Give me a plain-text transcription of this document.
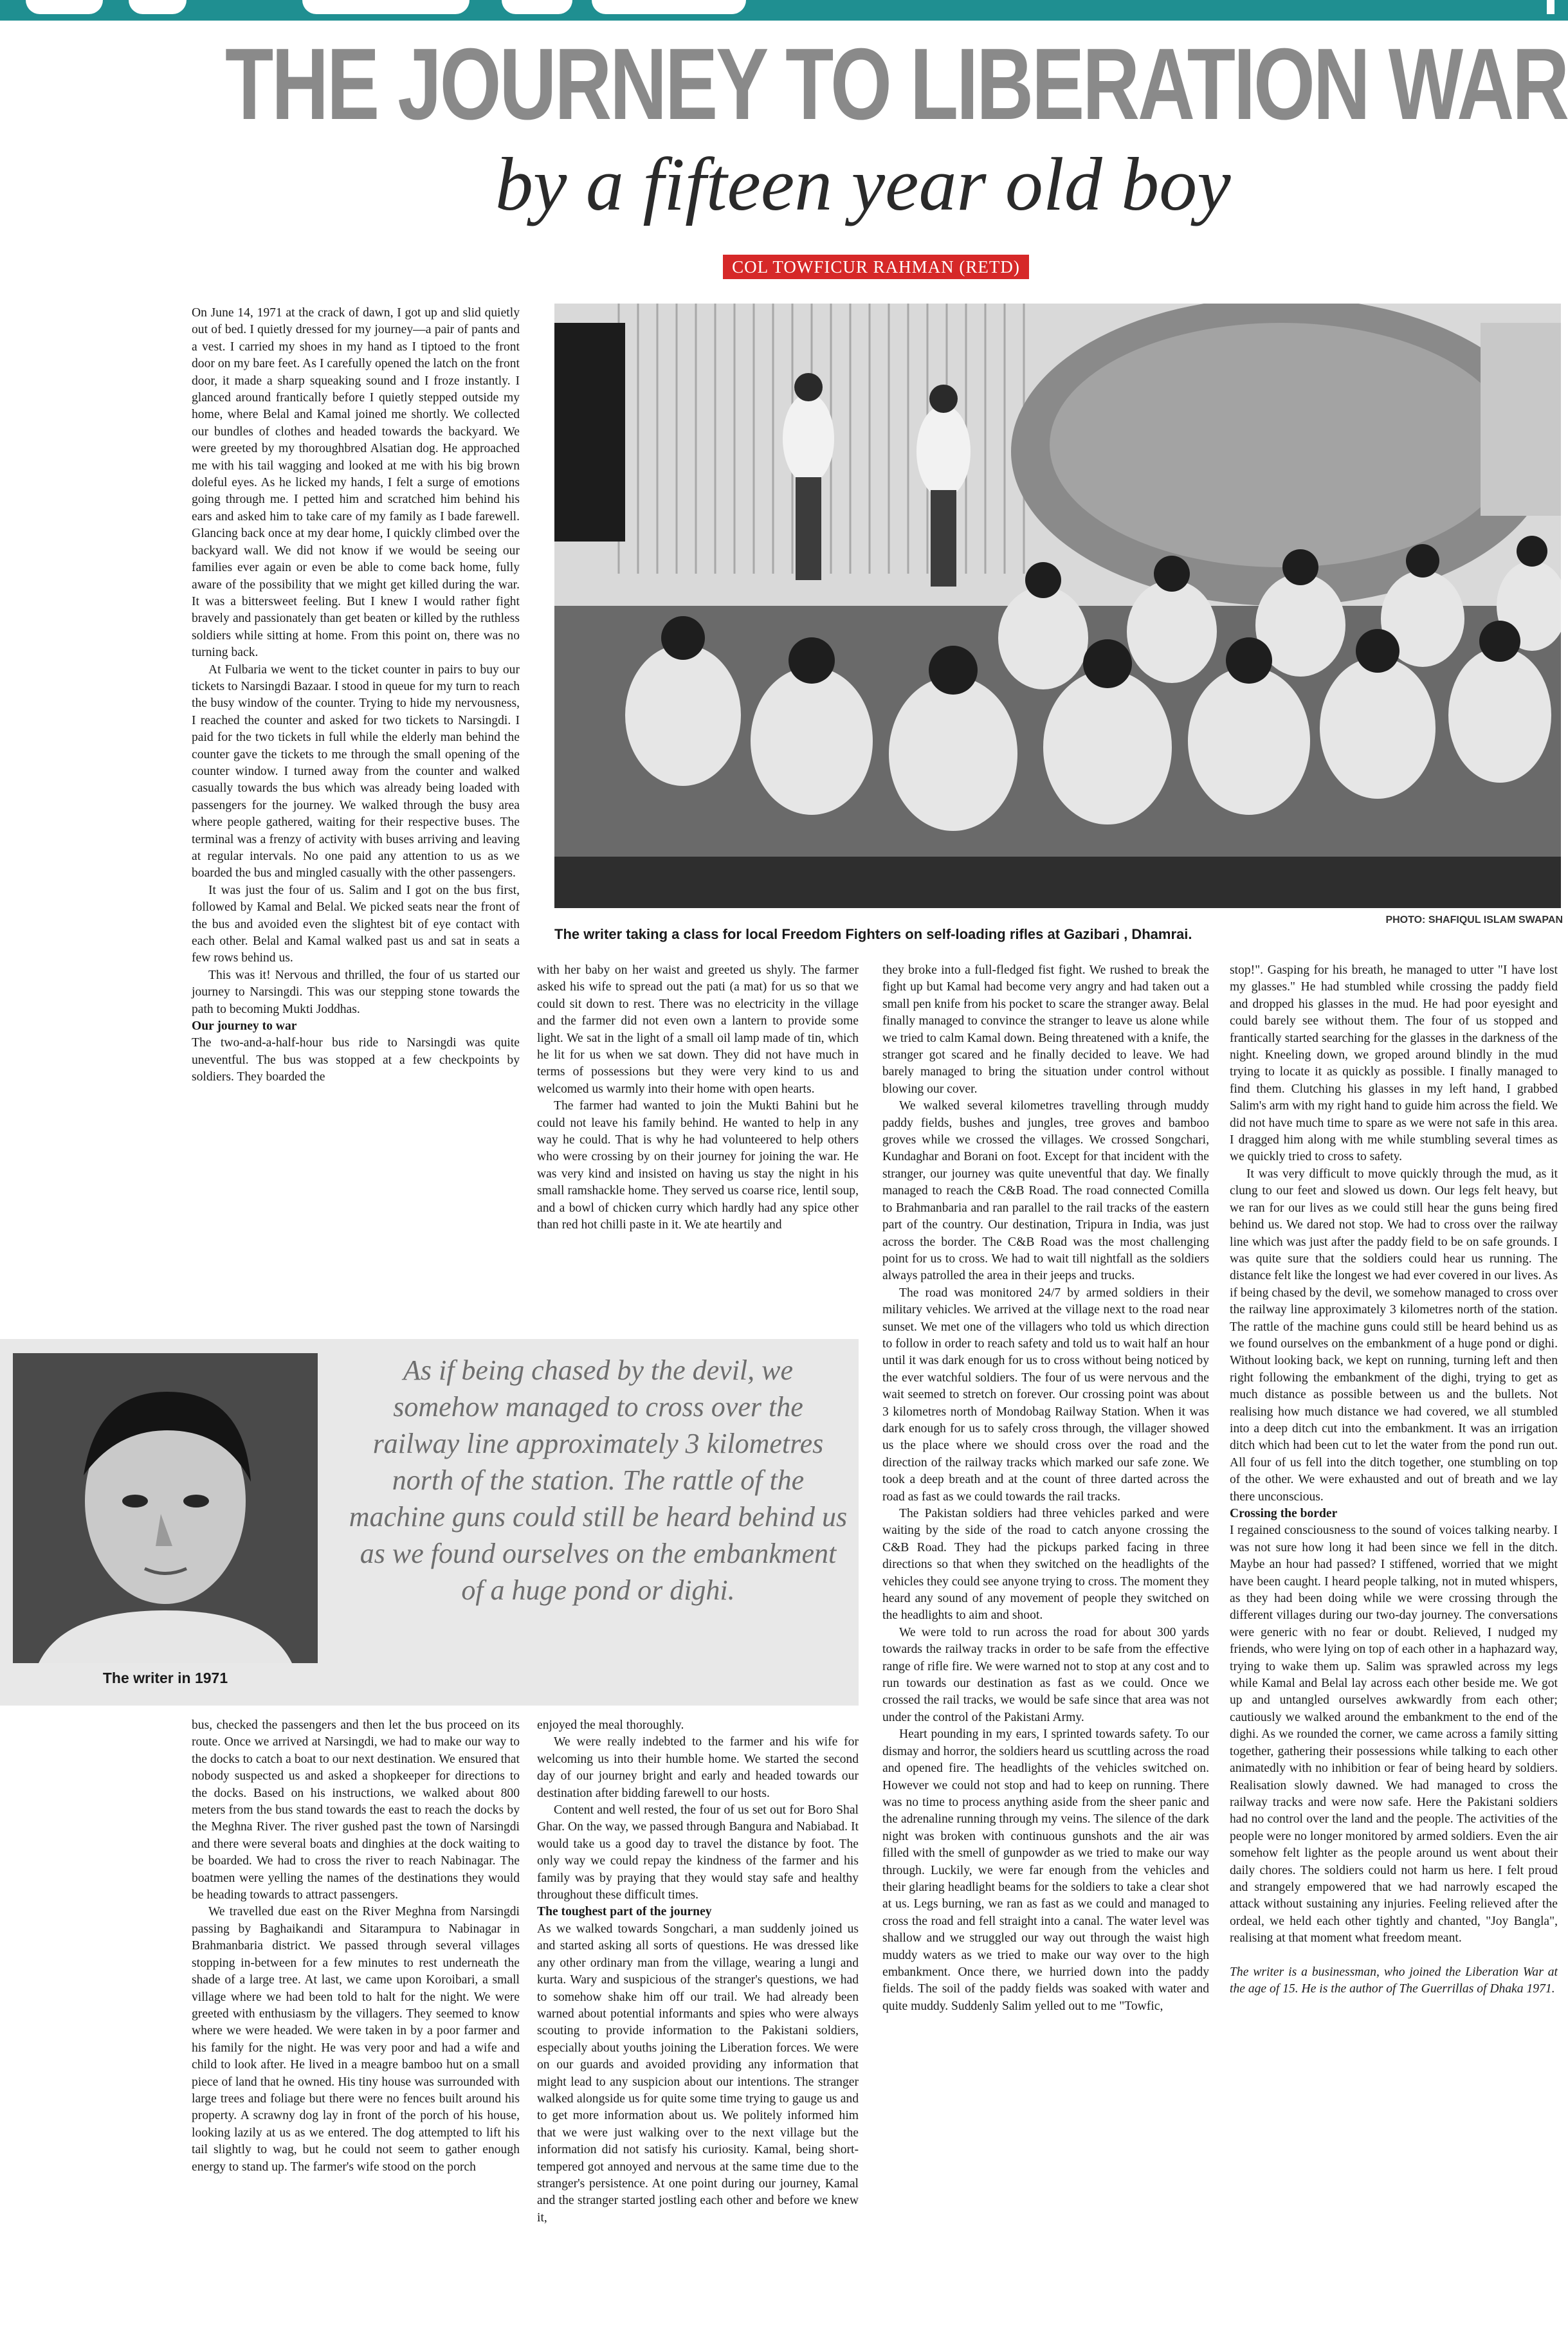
THE JOURNEY TO LIBERATION WAR
by a fifteen year old boy
COL TOWFICUR RAHMAN (RETD)

On June 14, 1971 at the crack of dawn, I got up and slid quietly out of bed. I quietly dressed for my journey—a pair of pants and a vest. I carried my shoes in my hand as I tiptoed to the front door on my bare feet. As I carefully opened the latch on the front door, it made a sharp squeaking sound and I froze instantly. I glanced around frantically before I quietly stepped outside my home, where Belal and Kamal joined me shortly. We collected our bundles of clothes and headed towards the backyard. We were greeted by my thoroughbred Alsatian dog. He approached me with his tail wagging and looked at me with his big brown doleful eyes. As he licked my hands, I felt a surge of emotions going through me. I petted him and scratched him behind his ears and asked him to take care of my family as I bade farewell. Glancing back once at my dear home, I quickly climbed over the backyard wall. We did not know if we would be seeing our families ever again or even be able to come back home, fully aware of the possibility that we might get killed during the war. It was a bittersweet feeling. But I knew I would rather fight bravely and passionately than get beaten or killed by the ruthless soldiers while sitting at home. From this point on, there was no turning back.

At Fulbaria we went to the ticket counter in pairs to buy our tickets to Narsingdi Bazaar. I stood in queue for my turn to reach the busy window of the counter. Trying to hide my nervousness, I reached the counter and asked for two tickets to Narsingdi. I paid for the two tickets in full while the elderly man behind the counter gave the tickets to me through the small opening of the counter window. I turned away from the counter and walked casually towards the bus which was already being loaded with passengers for the journey. We walked through the busy area where people gathered, waiting for their respective buses. The terminal was a frenzy of activity with buses arriving and leaving at regular intervals. No one paid any attention to us as we boarded the bus and mingled casually with the other passengers.

It was just the four of us. Salim and I got on the bus first, followed by Kamal and Belal. We picked seats near the front of the bus and avoided even the slightest bit of eye contact with each other. Belal and Kamal walked past us and sat in seats a few rows behind us.

This was it! Nervous and thrilled, the four of us started our journey to Narsingdi. This was our stepping stone towards the path to becoming Mukti Joddhas.

Our journey to war

The two-and-a-half-hour bus ride to Narsingdi was quite uneventful. The bus was stopped at a few checkpoints by soldiers. They boarded the

PHOTO: SHAFIQUL ISLAM SWAPAN
The writer taking a class for local Freedom Fighters on self-loading rifles at Gazibari , Dhamrai.

with her baby on her waist and greeted us shyly. The farmer asked his wife to spread out the pati (a mat) for us so that we could sit down to rest. There was no electricity in the village and the farmer did not even own a lantern to provide some light. We sat in the light of a small oil lamp made of tin, which he lit for us when we sat down. They did not have much in terms of possessions but they were very kind to us and welcomed us warmly into their home with open hearts.

The farmer had wanted to join the Mukti Bahini but he could not leave his family behind. He wanted to help in any way he could. That is why he had volunteered to help others who were crossing by on their journey for joining the war. He was very kind and insisted on having us stay the night in his small ramshackle home. They served us coarse rice, lentil soup, and a bowl of chicken curry which hardly had any spice other than red hot chilli paste in it. We ate heartily and

The writer in 1971
As if being chased by the devil, we somehow managed to cross over the railway line approximately 3 kilometres north of the station. The rattle of the machine guns could still be heard behind us as we found ourselves on the embankment of a huge pond or dighi.

bus, checked the passengers and then let the bus proceed on its route. Once we arrived at Narsingdi, we had to make our way to the docks to catch a boat to our next destination. We ensured that nobody suspected us and asked a shopkeeper for directions to the docks. Based on his instructions, we walked about 800 meters from the bus stand towards the east to reach the docks by the Meghna River. The river gushed past the town of Narsingdi and there were several boats and dinghies at the dock waiting to be boarded. We had to cross the river to reach Nabinagar. The boatmen were yelling the names of the destinations they would be heading towards to attract passengers.

We travelled due east on the River Meghna from Narsingdi passing by Baghaikandi and Sitarampura to Nabinagar in Brahmanbaria district. We passed through several villages stopping in-between for a few minutes to rest underneath the shade of a large tree. At last, we came upon Koroibari, a small village where we had been told to halt for the night. We were greeted with enthusiasm by the villagers. They seemed to know where we were headed. We were taken in by a poor farmer and his family for the night. He was very poor and had a wife and child to look after. He lived in a meagre bamboo hut on a small piece of land that he owned. His tiny house was surrounded with large trees and foliage but there were no fences built around his property. A scrawny dog lay in front of the porch of his house, looking lazily at us as we entered. The dog attempted to lift his tail slightly to wag, but he could not seem to gather enough energy to stand up. The farmer's wife stood on the porch

enjoyed the meal thoroughly.

We were really indebted to the farmer and his wife for welcoming us into their humble home. We started the second day of our journey bright and early and headed towards our destination after bidding farewell to our hosts.

Content and well rested, the four of us set out for Boro Shal Ghar. On the way, we passed through Bangura and Nabiabad. It would take us a good day to travel the distance by foot. The only way we could repay the kindness of the farmer and his family was by praying that they would stay safe and healthy throughout these difficult times.

The toughest part of the journey

As we walked towards Songchari, a man suddenly joined us and started asking all sorts of questions. He was dressed like any other ordinary man from the village, wearing a lungi and kurta. Wary and suspicious of the stranger's questions, we had to somehow shake him off our trail. We had already been warned about potential informants and spies who were always scouting to provide information to the Pakistani soldiers, especially about youths joining the Liberation forces. We were on our guards and avoided providing any information that might lead to any suspicion about our intentions. The stranger walked alongside us for quite some time trying to gauge us and to get more information about us. We politely informed him that we were just walking over to the next village but the information did not satisfy his curiosity. Kamal, being short-tempered got annoyed and nervous at the same time due to the stranger's persistence. At one point during our journey, Kamal and the stranger started jostling each other and before we knew it,

they broke into a full-fledged fist fight. We rushed to break the fight up but Kamal had become very angry and had taken out a small pen knife from his pocket to scare the stranger away. Belal finally managed to convince the stranger to leave us alone while we tried to calm Kamal down. Being threatened with a knife, the stranger got scared and he finally decided to leave. We had barely managed to bring the situation under control without blowing our cover.

We walked several kilometres travelling through muddy paddy fields, bushes and jungles, tree groves and bamboo groves while we crossed the villages. We crossed Songchari, Kundaghar and Borani on foot. Except for that incident with the stranger, our journey was quite uneventful that day. We finally managed to reach the C&B Road. The road connected Comilla to Brahmanbaria and ran parallel to the rail tracks of the eastern part of the country. Our destination, Tripura in India, was just across the border. The C&B Road was the most challenging point for us to cross. We had to wait till nightfall as the soldiers always patrolled the area in their jeeps and trucks.

The road was monitored 24/7 by armed soldiers in their military vehicles. We arrived at the village next to the road near sunset. We met one of the villagers who told us which direction to follow in order to reach safety and told us to wait half an hour until it was dark enough for us to cross without being noticed by the ever watchful soldiers. The four of us were nervous and the wait seemed to stretch on forever. Our crossing point was about 3 kilometres north of Mondobag Railway Station. When it was dark enough for us to safely cross through, the villager showed us the place where we should cross over the road and the direction of the railway tracks which marked our safe zone. We took a deep breath and at the count of three darted across the road as fast as we could towards the rail tracks.

The Pakistan soldiers had three vehicles parked and were waiting by the side of the road to catch anyone crossing the C&B Road. They had the pickups parked facing in three directions so that when they switched on the headlights of the vehicles they could see anyone trying to cross. The moment they heard any sound of any movement of people they switched on the headlights to aim and shoot.

We were told to run across the road for about 300 yards towards the railway tracks in order to be safe from the effective range of rifle fire. We were warned not to stop at any cost and to run towards our destination as fast as we could. Once we crossed the rail tracks, we would be safe since that area was not under the control of the Pakistani Army.

Heart pounding in my ears, I sprinted towards safety. To our dismay and horror, the soldiers heard us scuttling across the road and opened fire. The headlights of the vehicles switched on. However we could not stop and had to keep on running. There was no time to process anything aside from the sheer panic and the adrenaline running through my veins. The silence of the dark night was broken with continuous gunshots and the air was filled with the smell of gunpowder as we tried to make our way through. Luckily, we were far enough from the vehicles and their glaring headlight beams for the soldiers to take a clear shot at us. Legs burning, we ran as fast as we could and managed to cross the road and fell straight into a canal. The water level was shallow and we struggled our way out through the waist high muddy waters as we tried to make our way over to the high embankment. Once there, we hurried down into the paddy fields. The soil of the paddy fields was soaked with water and quite muddy. Suddenly Salim yelled out to me "Towfic,

stop!". Gasping for his breath, he managed to utter "I have lost my glasses." He had stumbled while crossing the paddy field and dropped his glasses in the mud. He had poor eyesight and could barely see without them. The four of us stopped and frantically started searching for the glasses in the darkness of the night. Kneeling down, we groped around blindly in the mud trying to locate it as quickly as possible. I finally managed to find them. Clutching his glasses in my left hand, I grabbed Salim's arm with my right hand to guide him across the field. We did not have much time to spare as we were not safe in this area. I dragged him along with me while stumbling several times as we quickly tried to cross to safety.

It was very difficult to move quickly through the mud, as it clung to our feet and slowed us down. Our legs felt heavy, but we ran for our lives as we could still hear the guns being fired behind us. We dared not stop. We had to cross over the railway line which was just after the paddy field to be on safe grounds. I was quite sure that the soldiers could hear us running. The distance felt like the longest we had ever covered in our lives. As if being chased by the devil, we somehow managed to cross over the railway line approximately 3 kilometres north of the station. The rattle of the machine guns could still be heard behind us as we found ourselves on the embankment of a huge pond or dighi. Without looking back, we kept on running, turning left and then right following the embankment of the dighi, trying to get as much distance as possible between us and the bullets. Not realising how much distance we had covered, we all stumbled into a deep ditch cut into the embankment. It was an irrigation ditch which had been cut to let the water from the pond run out. All four of us fell into the ditch together, one stumbling on top of the other. We were exhausted and out of breath and we lay there unconscious.

Crossing the border

I regained consciousness to the sound of voices talking nearby. I was not sure how long it had been since we fell in the ditch. Maybe an hour had passed? I stiffened, worried that we might have been caught. I heard people talking, not in muted whispers, as they had been doing while we were crossing through the different villages during our two-day journey. The conversations were generic with no fear or doubt. Relieved, I nudged my friends, who were lying on top of each other in a haphazard way, trying to wake them up. Salim was sprawled across my legs while Kamal and Belal lay across each other beside me. We got up and untangled ourselves awkwardly from each other; cautiously we walked around the embankment to the end of the dighi. As we rounded the corner, we came across a family sitting together, gathering their possessions while talking to each other animatedly with no inhibition or fear of being heard by soldiers. Realisation slowly dawned. We had managed to cross the railway tracks and were now safe. Here the Pakistani soldiers had no control over the land and the people. The activities of the people were no longer monitored by armed soldiers. Even the air somehow felt lighter as the people around us went about their daily chores. The soldiers could not harm us here. I felt proud and strangely empowered that we had narrowly escaped the attack without sustaining any injuries. Feeling relieved after the ordeal, we held each other tightly and chanted, "Joy Bangla", realising at that moment what freedom meant.

The writer is a businessman, who joined the Liberation War at the age of 15. He is the author of The Guerrillas of Dhaka 1971.
